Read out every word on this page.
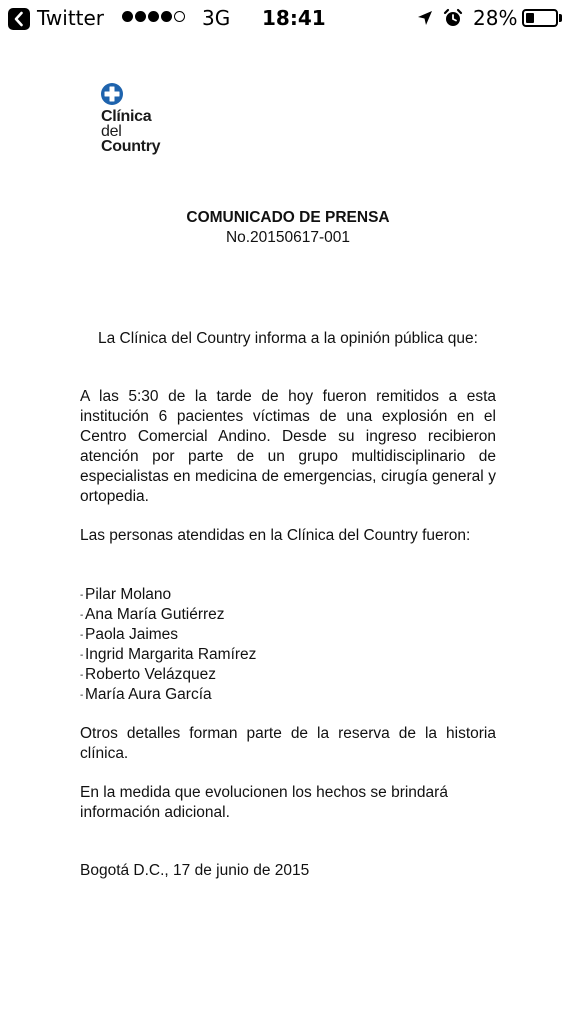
Twitter	3G 18:41	28%
Clínica
del
Country

COMUNICADO DE PRENSA

No.20150617-001

La Clínica del Country informa a la opinión pública que:

A las 5:30 de la tarde de hoy fueron remitidos a esta institución 6 pacientes víctimas de una explosión en el Centro Comercial Andino. Desde su ingreso recibieron atención por parte de un grupo multidisciplinario de especialistas en medicina de emergencias, cirugía general y ortopedia.

Las personas atendidas en la Clínica del Country fueron:

- Pilar Molano
- Ana María Gutiérrez
- Paola Jaimes
- Ingrid Margarita Ramírez
- Roberto Velázquez
- María Aura García

Otros detalles forman parte de la reserva de la historia clínica.

En la medida que evolucionen los hechos se brindará información adicional.

Bogotá D.C., 17 de junio de 2015
